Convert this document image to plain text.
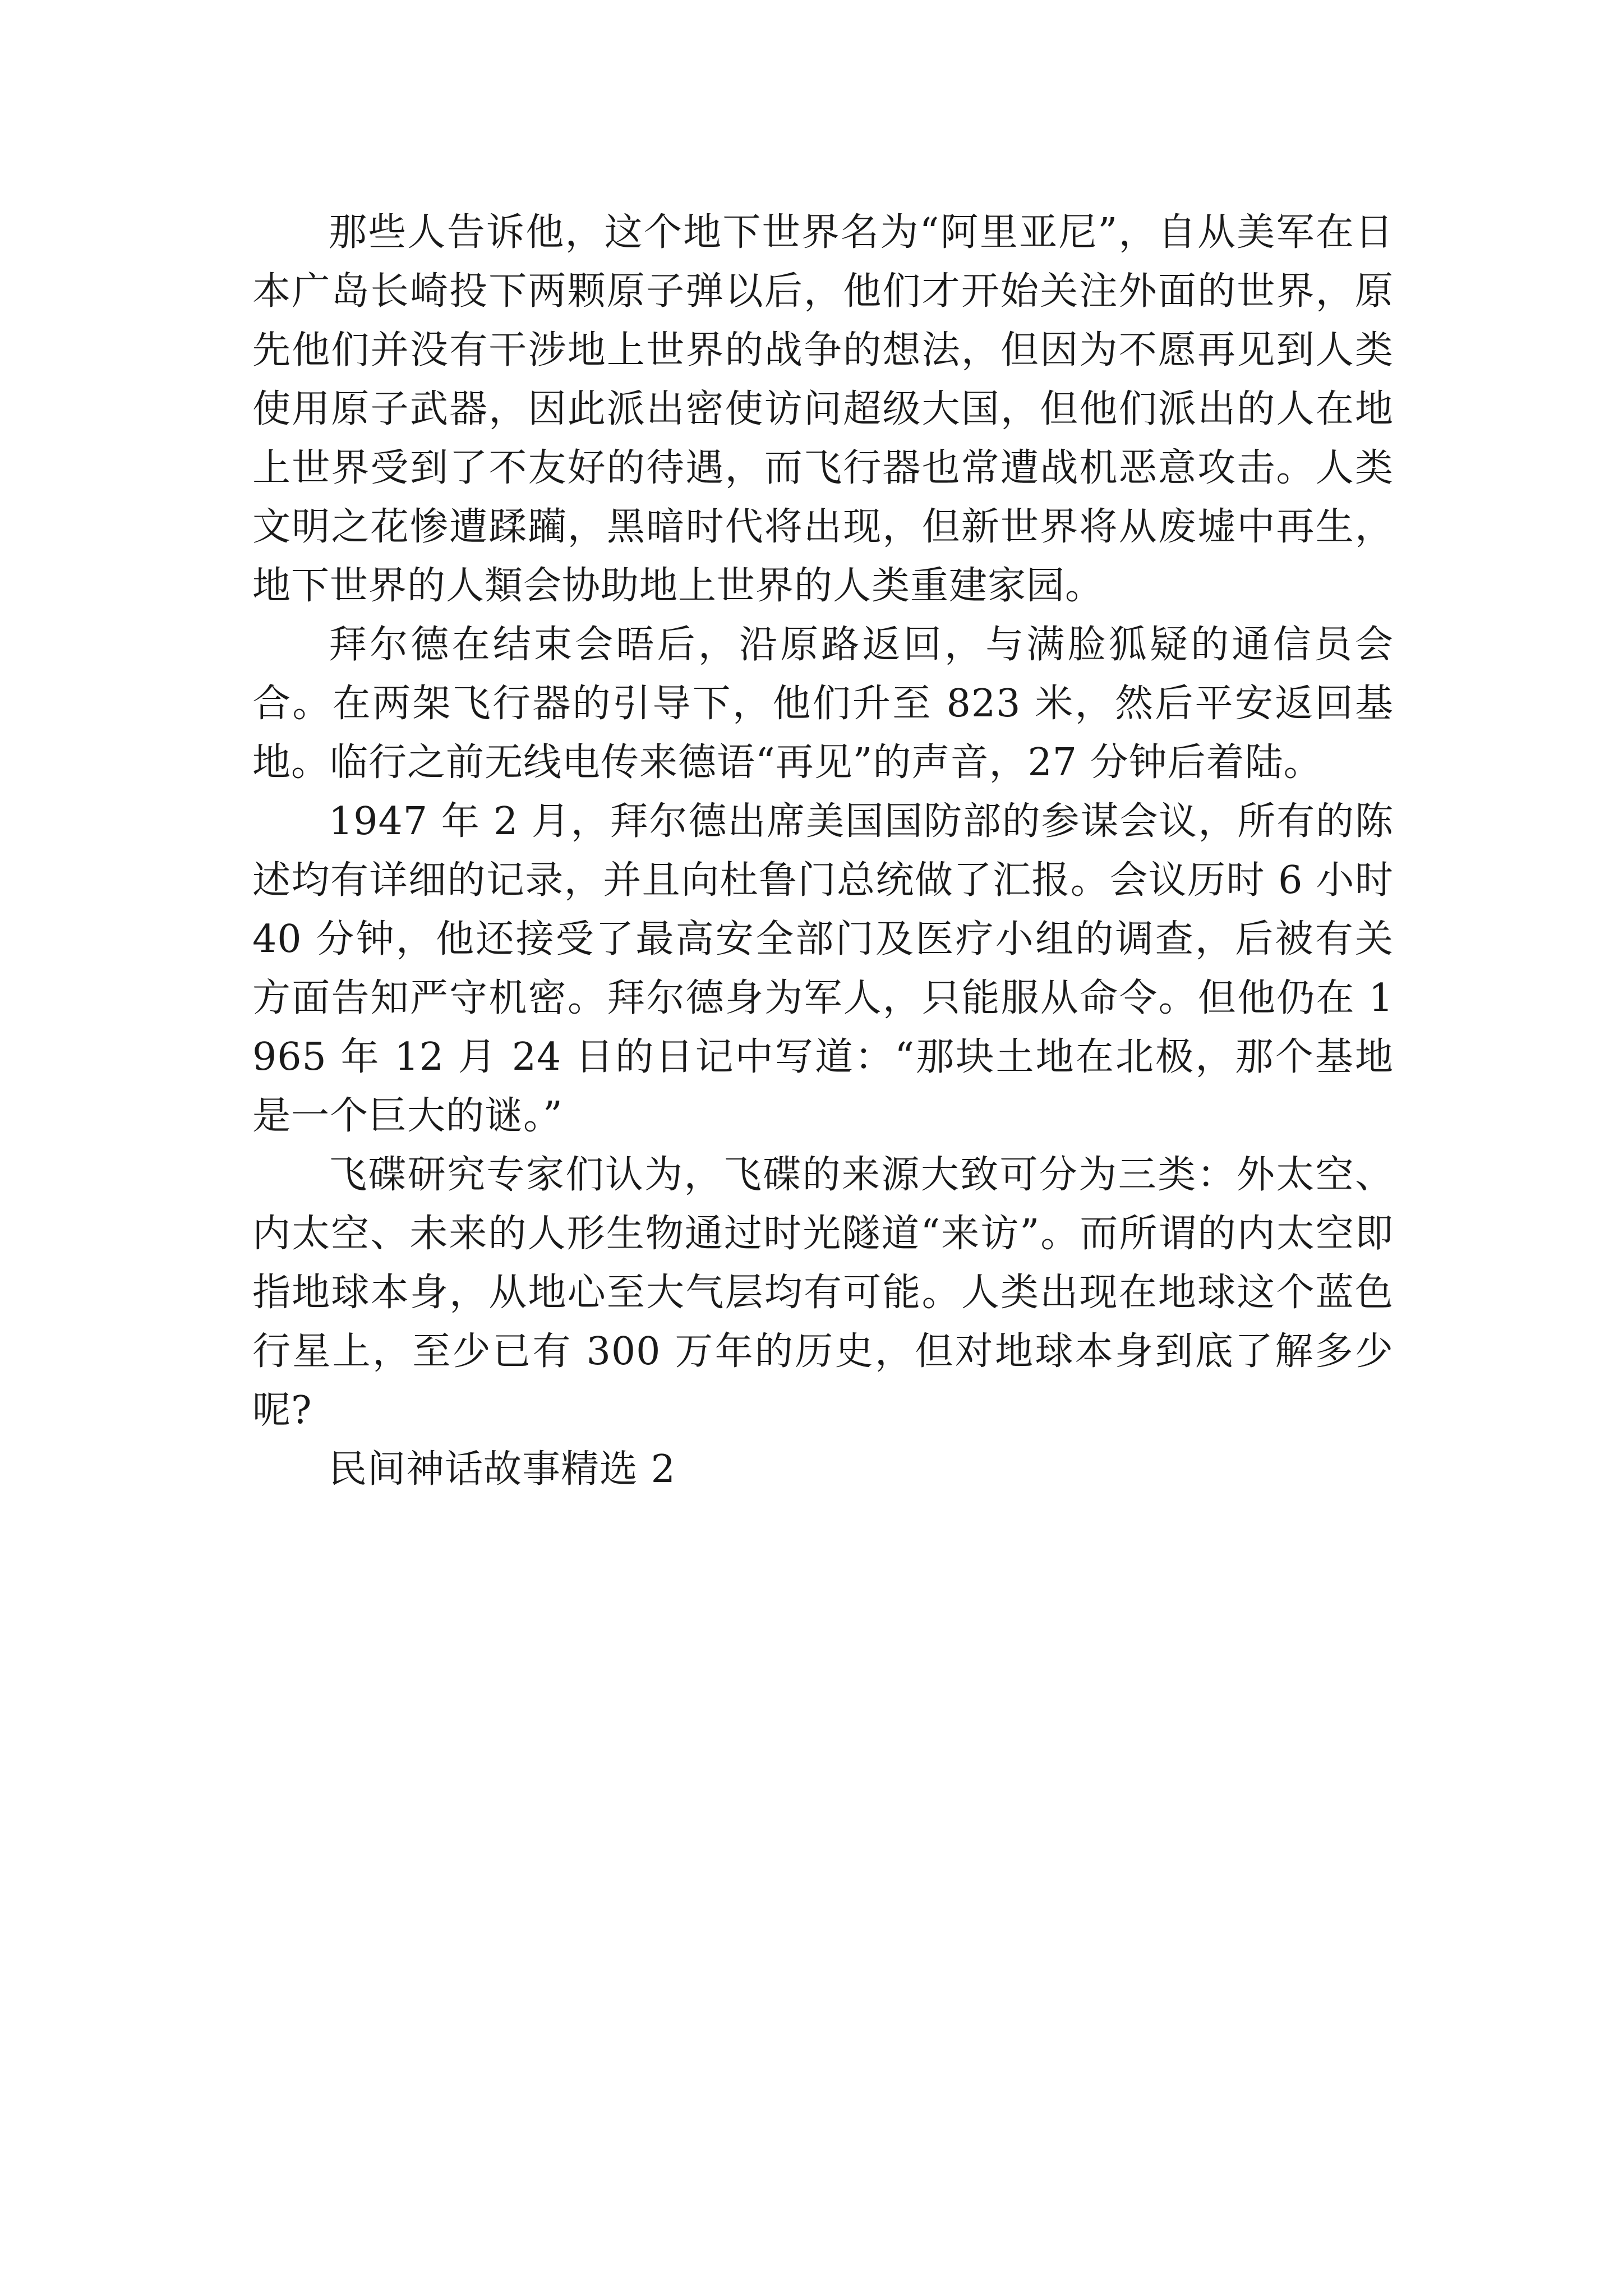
那些人告诉他，这个地下世界名为“阿里亚尼”，自从美军在日本广岛长崎投下两颗原子弹以后，他们才开始关注外面的世界，原先他们并没有干涉地上世界的战争的想法，但因为不愿再见到人类使用原子武器，因此派出密使访问超级大国，但他们派出的人在地上世界受到了不友好的待遇，而飞行器也常遭战机恶意攻击。人类文明之花惨遭蹂躏，黑暗时代将出现，但新世界将从废墟中再生，地下世界的人類会协助地上世界的人类重建家园。

拜尔德在结束会晤后，沿原路返回，与满脸狐疑的通信员会合。在两架飞行器的引导下，他们升至 823 米，然后平安返回基地。临行之前无线电传来德语“再见”的声音，27 分钟后着陆。

1947 年 2 月，拜尔德出席美国国防部的参谋会议，所有的陈述均有详细的记录，并且向杜鲁门总统做了汇报。会议历时 6 小时 40 分钟，他还接受了最高安全部门及医疗小组的调查，后被有关方面告知严守机密。拜尔德身为军人，只能服从命令。但他仍在 1965 年 12 月 24 日的日记中写道：“那块土地在北极，那个基地是一个巨大的谜。”

飞碟研究专家们认为，飞碟的来源大致可分为三类：外太空、内太空、未来的人形生物通过时光隧道“来访”。而所谓的内太空即指地球本身，从地心至大气层均有可能。人类出现在地球这个蓝色行星上，至少已有 300 万年的历史，但对地球本身到底了解多少呢?

民间神话故事精选 2
